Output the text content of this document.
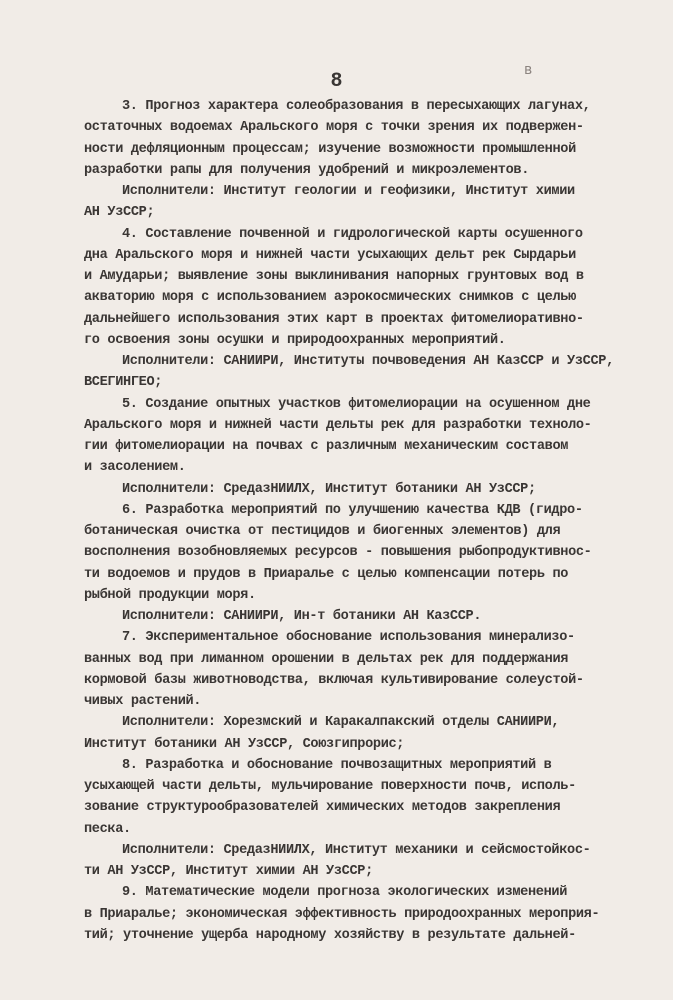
8	в
3. Прогноз характера солеобразования в пересыхающих лагунах,
остаточных водоемах Аральского моря с точки зрения их подвержен-
ности дефляционным процессам; изучение возможности промышленной
разработки рапы для получения удобрений и микроэлементов.
Исполнители: Институт геологии и геофизики, Институт химии
АН УзССР;
4. Составление почвенной и гидрологической карты осушенного
дна Аральского моря и нижней части усыхающих дельт рек Сырдарьи
и Амударьи; выявление зоны выклинивания напорных грунтовых вод в
акваторию моря с использованием аэрокосмических снимков с целью
дальнейшего использования этих карт в проектах фитомелиоративно-
го освоения зоны осушки и природоохранных мероприятий.
Исполнители: САНИИРИ, Институты почвоведения АН КазССР и УзССР,
ВСЕГИНГЕО;
5. Создание опытных участков фитомелиорации на осушенном дне
Аральского моря и нижней части дельты рек для разработки техноло-
гии фитомелиорации на почвах с различным механическим составом
и засолением.
Исполнители: СредазНИИЛХ, Институт ботаники АН УзССР;
6. Разработка мероприятий по улучшению качества КДВ (гидро-
ботаническая очистка от пестицидов и биогенных элементов) для
восполнения возобновляемых ресурсов - повышения рыбопродуктивнос-
ти водоемов и прудов в Приаралье с целью компенсации потерь по
рыбной продукции моря.
Исполнители: САНИИРИ, Ин-т ботаники АН КазССР.
7. Экспериментальное обоснование использования минерализо-
ванных вод при лиманном орошении в дельтах рек для поддержания
кормовой базы животноводства, включая культивирование солеустой-
чивых растений.
Исполнители: Хорезмский и Каракалпакский отделы САНИИРИ,
Институт ботаники АН УзССР, Союзгипрорис;
8. Разработка и обоснование почвозащитных мероприятий в
усыхающей части дельты, мульчирование поверхности почв, исполь-
зование структурообразователей химических методов закрепления
песка.
Исполнители: СредазНИИЛХ, Институт механики и сейсмостойкос-
ти АН УзССР, Институт химии АН УзССР;
9. Математические модели прогноза экологических изменений
в Приаралье; экономическая эффективность природоохранных мероприя-
тий; уточнение ущерба народному хозяйству в результате дальней-
